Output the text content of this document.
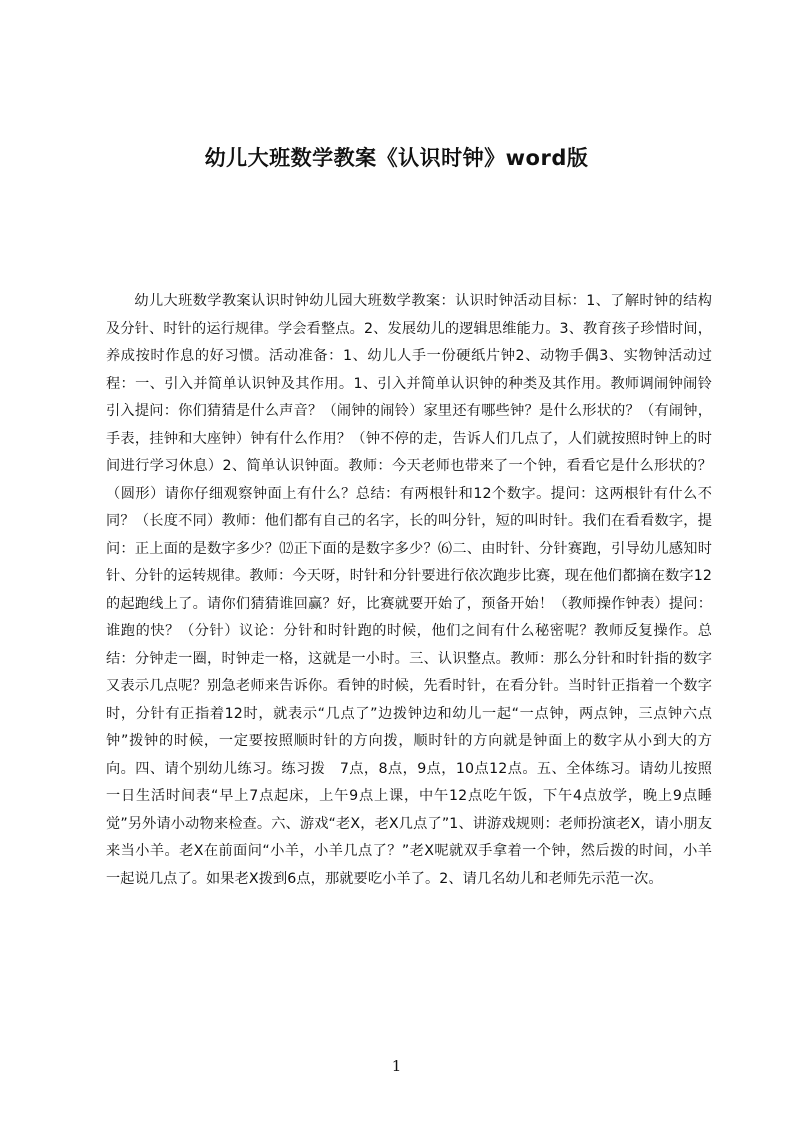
幼儿大班数学教案《认识时钟》word版

幼儿大班数学教案认识时钟幼儿园大班数学教案：认识时钟活动目标：1、了解时钟的结构及分针、时针的运行规律。学会看整点。2、发展幼儿的逻辑思维能力。3、教育孩子珍惜时间，养成按时作息的好习惯。活动准备：1、幼儿人手一份硬纸片钟2、动物手偶3、实物钟活动过程：一、引入并简单认识钟及其作用。1、引入并简单认识钟的种类及其作用。教师调闹钟闹铃引入提问：你们猜猜是什么声音？（闹钟的闹铃）家里还有哪些钟？是什么形状的？（有闹钟，手表，挂钟和大座钟）钟有什么作用？（钟不停的走，告诉人们几点了，人们就按照时钟上的时间进行学习休息）2、简单认识钟面。教师：今天老师也带来了一个钟，看看它是什么形状的？（圆形）请你仔细观察钟面上有什么？总结：有两根针和12个数字。提问：这两根针有什么不同？（长度不同）教师：他们都有自己的名字，长的叫分针，短的叫时针。我们在看看数字，提问：正上面的是数字多少？⑿正下面的是数字多少？⑹二、由时针、分针赛跑，引导幼儿感知时针、分针的运转规律。教师：今天呀，时针和分针要进行依次跑步比赛，现在他们都摘在数字12的起跑线上了。请你们猜猜谁回赢？好，比赛就要开始了，预备开始！（教师操作钟表）提问：谁跑的快？（分针）议论：分针和时针跑的时候，他们之间有什么秘密呢？教师反复操作。总结：分钟走一圈，时钟走一格，这就是一小时。三、认识整点。教师：那么分针和时针指的数字又表示几点呢？别急老师来告诉你。看钟的时候，先看时针，在看分针。当时针正指着一个数字时，分针有正指着12时，就表示“几点了”边拨钟边和幼儿一起“一点钟，两点钟，三点钟六点钟”拨钟的时候，一定要按照顺时针的方向拨，顺时针的方向就是钟面上的数字从小到大的方向。四、请个别幼儿练习。练习拨　7点，8点，9点，10点12点。五、全体练习。请幼儿按照一日生活时间表“早上7点起床，上午9点上课，中午12点吃午饭，下午4点放学，晚上9点睡觉”另外请小动物来检查。六、游戏“老X，老X几点了”1、讲游戏规则：老师扮演老X，请小朋友来当小羊。老X在前面问“小羊，小羊几点了？”老X呢就双手拿着一个钟，然后拨的时间，小羊一起说几点了。如果老X拨到6点，那就要吃小羊了。2、请几名幼儿和老师先示范一次。

1
